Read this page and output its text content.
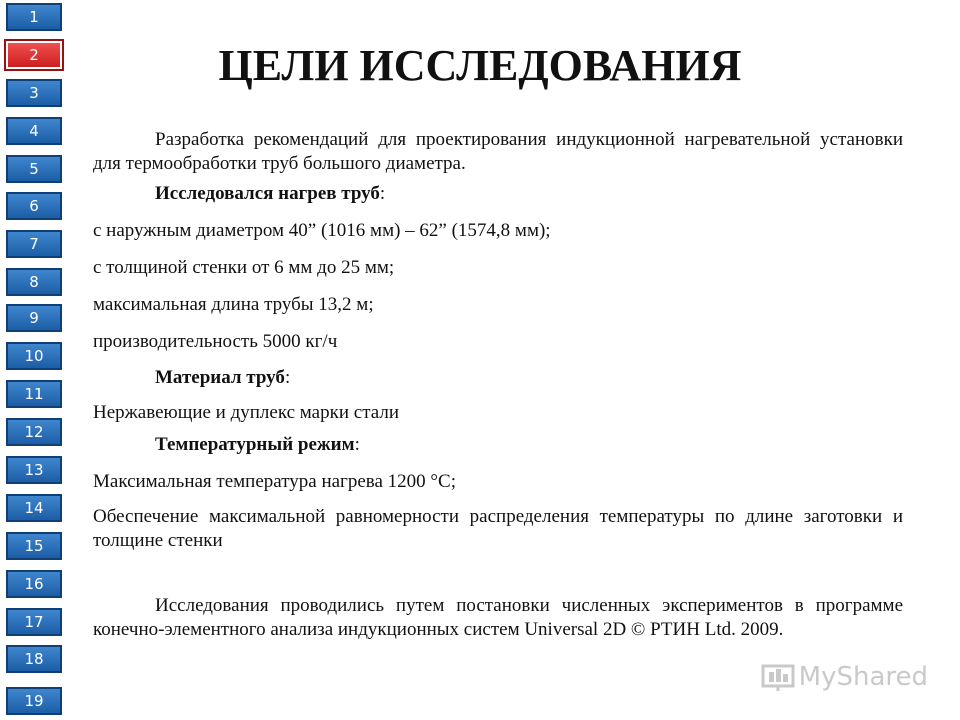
1
2
3
4
5
6
7
8
9
10
11
12
13
14
15
16
17
18
19
ЦЕЛИ ИССЛЕДОВАНИЯ

Разработка рекомендаций для проектирования индукционной нагревательной установки для термообработки труб большого диаметра.

Исследовался нагрев труб:

с наружным диаметром 40” (1016 мм) – 62” (1574,8 мм);

с толщиной стенки от 6 мм до 25 мм;

максимальная длина трубы 13,2 м;

производительность 5000 кг/ч

Материал труб:

Нержавеющие и дуплекс марки стали

Температурный режим:

Максимальная температура нагрева 1200 °С;

Обеспечение максимальной равномерности распределения температуры по длине заготовки и толщине стенки

Исследования проводились путем постановки численных экспериментов в программе конечно-элементного анализа индукционных систем Universal 2D © РТИН Ltd. 2009.

MyShared
